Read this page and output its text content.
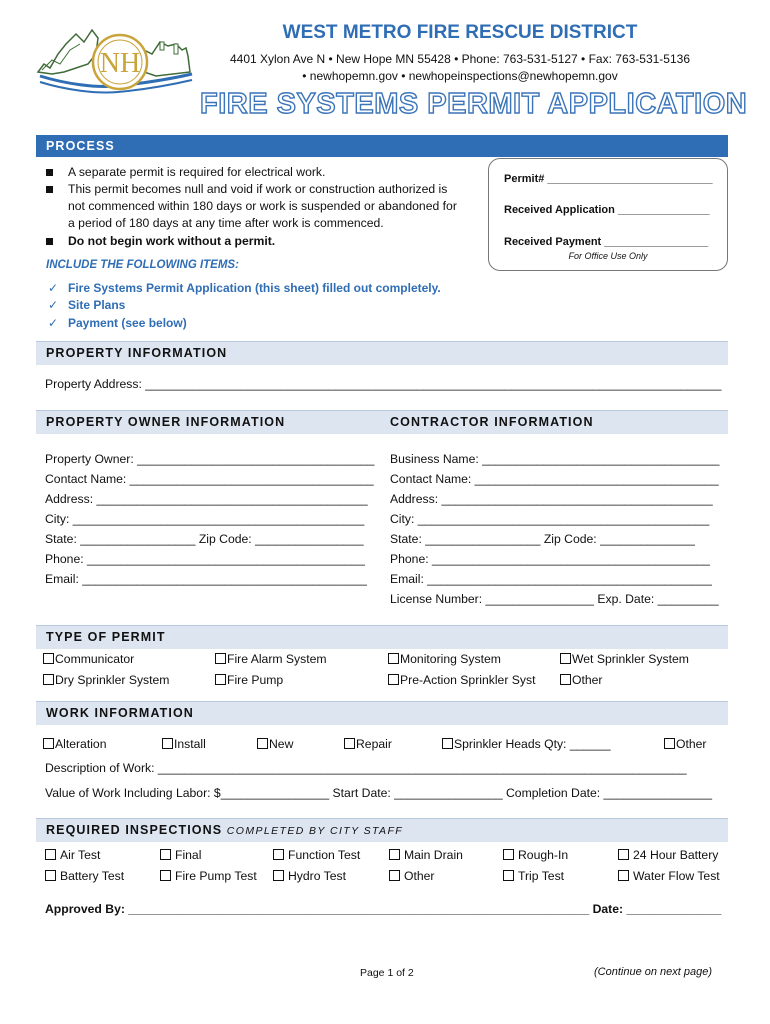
NH
WEST METRO FIRE RESCUE DISTRICT
4401 Xylon Ave N • New Hope MN 55428 • Phone: 763-531-5127 • Fax: 763-531-5136
• newhopemn.gov • newhopeinspections@newhopemn.gov
FIRE SYSTEMS PERMIT APPLICATION
PROCESS
A separate permit is required for electrical work.
This permit becomes null and void if work or construction authorized is
not commenced within 180 days or work is suspended or abandoned for
a period of 180 days at any time after work is commenced.
Do not begin work without a permit.
INCLUDE THE FOLLOWING ITEMS:
✓ Fire Systems Permit Application (this sheet) filled out completely.
✓ Site Plans
✓ Payment (see below)
Permit# ___________________________
Received Application _______________
Received Payment _________________
For Office Use Only
PROPERTY INFORMATION
Property Address: _____________________________________________________________________________________
PROPERTY OWNER INFORMATION	CONTRACTOR INFORMATION
Property Owner: ___________________________________
Contact Name: ____________________________________
Address: ________________________________________
City: ___________________________________________
State: _________________ Zip Code: ________________
Phone: _________________________________________
Email: __________________________________________
Business Name: ___________________________________
Contact Name: ____________________________________
Address: ________________________________________
City: ___________________________________________
State: _________________ Zip Code: ______________
Phone: _________________________________________
Email: __________________________________________
License Number: ________________ Exp. Date: _________
TYPE OF PERMIT
Communicator	Fire Alarm System	Monitoring System	Wet Sprinkler System
Dry Sprinkler System	Fire Pump	Pre-Action Sprinkler Syst	Other
WORK INFORMATION
Alteration	Install	New	Repair	Sprinkler Heads Qty: ______	Other
Description of Work: ______________________________________________________________________________
Value of Work Including Labor: $________________ Start Date: ________________ Completion Date: ________________
REQUIRED INSPECTIONS COMPLETED BY CITY STAFF
Air Test	Final	Function Test	Main Drain	Rough-In	24 Hour Battery
Battery Test	Fire Pump Test	Hydro Test	Other	Trip Test	Water Flow Test
Approved By: ____________________________________________________________________ Date: ______________
Page 1 of 2	(Continue on next page)
